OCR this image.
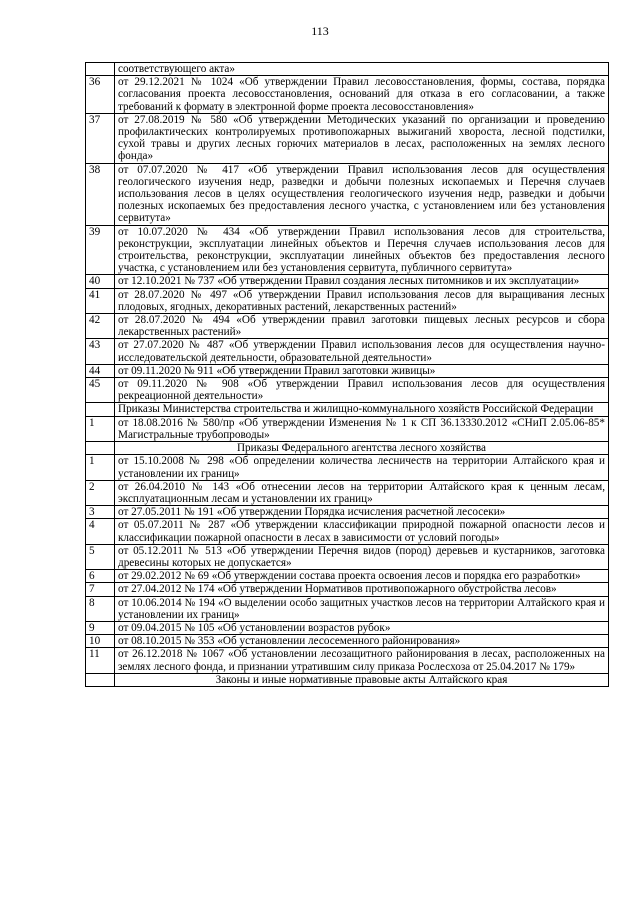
113
	соответствующего акта»
36	от 29.12.2021 № 1024 «Об утверждении Правил лесовосстановления, формы, состава, порядка согласования проекта лесовосстановления, оснований для отказа в его согласовании, а также требований к формату в электронной форме проекта лесовосстановления»
37	от 27.08.2019 № 580 «Об утверждении Методических указаний по организации и проведению профилактических контролируемых противопожарных выжиганий хвороста, лесной подстилки, сухой травы и других лесных горючих материалов в лесах, расположенных на землях лесного фонда»
38	от 07.07.2020 № 417 «Об утверждении Правил использования лесов для осуществления геологического изучения недр, разведки и добычи полезных ископаемых и Перечня случаев использования лесов в целях осуществления геологического изучения недр, разведки и добычи полезных ископаемых без предоставления лесного участка, с установлением или без установления сервитута»
39	от 10.07.2020 № 434 «Об утверждении Правил использования лесов для строительства, реконструкции, эксплуатации линейных объектов и Перечня случаев использования лесов для строительства, реконструкции, эксплуатации линейных объектов без предоставления лесного участка, с установлением или без установления сервитута, публичного сервитута»
40	от 12.10.2021 № 737 «Об утверждении Правил создания лесных питомников и их эксплуатации»
41	от 28.07.2020 № 497 «Об утверждении Правил использования лесов для выращивания лесных плодовых, ягодных, декоративных растений, лекарственных растений»
42	от 28.07.2020 № 494 «Об утверждении правил заготовки пищевых лесных ресурсов и сбора лекарственных растений»
43	от 27.07.2020 № 487 «Об утверждении Правил использования лесов для осуществления научно-исследовательской деятельности, образовательной деятельности»
44	от 09.11.2020 № 911 «Об утверждении Правил заготовки живицы»
45	от 09.11.2020 № 908 «Об утверждении Правил использования лесов для осуществления рекреационной деятельности»
	Приказы Министерства строительства и жилищно-коммунального хозяйств Российской Федерации
1	от 18.08.2016 № 580/пр «Об утверждении Изменения № 1 к СП 36.13330.2012 «СНиП 2.05.06-85* Магистральные трубопроводы»
	Приказы Федерального агентства лесного хозяйства
1	от 15.10.2008 № 298 «Об определении количества лесничеств на территории Алтайского края и установлении их границ»
2	от 26.04.2010 № 143 «Об отнесении лесов на территории Алтайского края к ценным лесам, эксплуатационным лесам и установлении их границ»
3	от 27.05.2011 № 191 «Об утверждении Порядка исчисления расчетной лесосеки»
4	от 05.07.2011 № 287 «Об утверждении классификации природной пожарной опасности лесов и классификации пожарной опасности в лесах в зависимости от условий погоды»
5	от 05.12.2011 № 513 «Об утверждении Перечня видов (пород) деревьев и кустарников, заготовка древесины которых не допускается»
6	от 29.02.2012 № 69 «Об утверждении состава проекта освоения лесов и порядка его разработки»
7	от 27.04.2012 № 174 «Об утверждении Нормативов противопожарного обустройства лесов»
8	от 10.06.2014 № 194 «О выделении особо защитных участков лесов на территории Алтайского края и установлении их границ»
9	от 09.04.2015 № 105 «Об установлении возрастов рубок»
10	от 08.10.2015 № 353 «Об установлении лесосеменного районирования»
11	от 26.12.2018 № 1067 «Об установлении лесозащитного районирования в лесах, расположенных на землях лесного фонда, и признании утратившим силу приказа Рослесхоза от 25.04.2017 № 179»
	Законы и иные нормативные правовые акты Алтайского края
